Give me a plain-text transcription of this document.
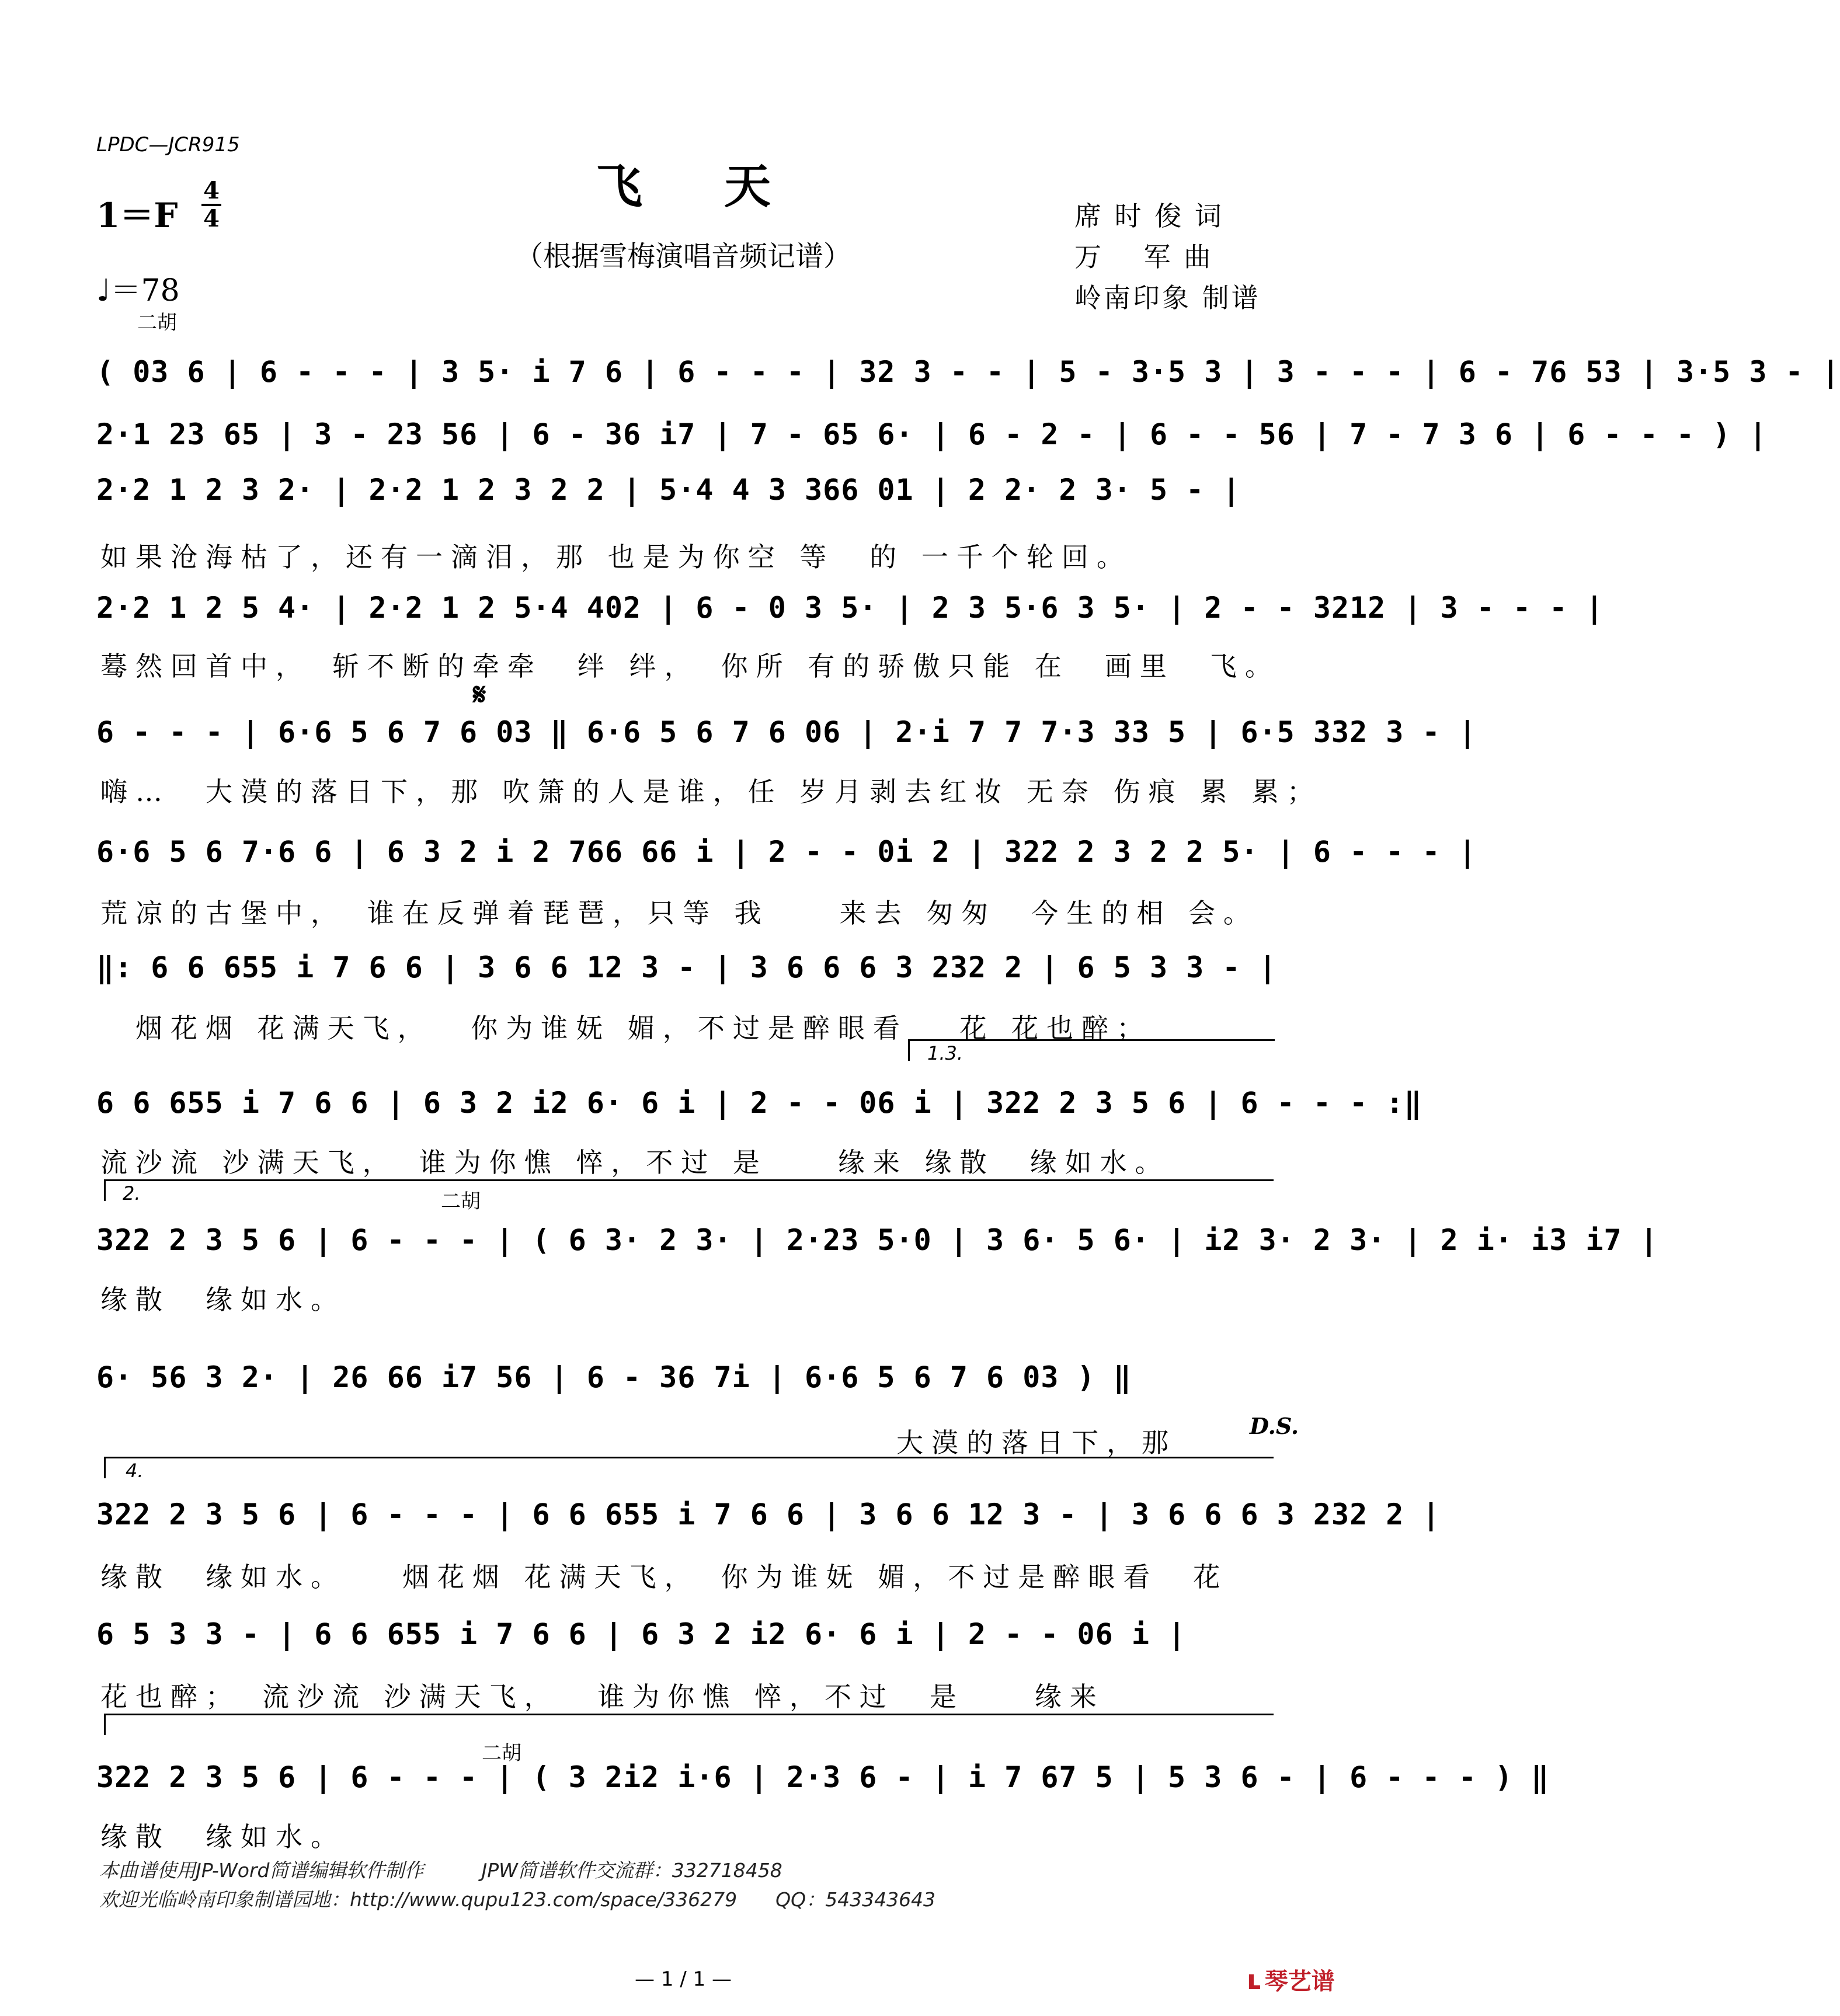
LPDC—JCR915
飞天
（根据雪梅演唱音频记谱）
1＝F
4
4
♩＝78
席 时 俊 词
万　 军 曲
岭南印象 制谱
二胡
二胡
二胡
( 03 6 | 6 - - - | 3 5· i 7 6 | 6 - - - | 32 3 - - | 5 - 3·5 3 | 3 - - - | 6 - 76 53 | 3·5 3 - |
2·1 23 65 | 3 - 23 56 | 6 - 36 i7 | 7 - 65 6· | 6 - 2 - | 6 - - 56 | 7 - 7 3 6 | 6 - - - ) |
2·2 1 2 3 2· | 2·2 1 2 3 2 2 | 5·4 4 3 366 01 | 2 2· 2 3· 5 - |
如果沧海枯了，还有一滴泪，那 也是为你空 等　的 一千个轮回。
2·2 1 2 5 4· | 2·2 1 2 5·4 402 | 6 - 0 3 5· | 2 3 5·6 3 5· | 2 - - 3212 | 3 - - - |
蓦然回首中，　斩不断的牵牵　绊 绊，　你所 有的骄傲只能 在　画里　飞。
𝄋
6 - - - | 6·6 5 6 7 6 03 ‖ 6·6 5 6 7 6 06 | 2·i 7 7 7·3 33 5 | 6·5 332 3 - |
嗨…　大漠的落日下，那 吹箫的人是谁，任 岁月剥去红妆 无奈 伤痕 累 累；
6·6 5 6 7·6 6 | 6 3 2 i 2 766 66 i | 2 - - 0i 2 | 322 2 3 2 2 5· | 6 - - - |
荒凉的古堡中，　谁在反弹着琵琶，只等 我　　来去 匆匆　今生的相 会。
‖: 6 6 655 i 7 6 6 | 3 6 6 12 3 - | 3 6 6 6 3 232 2 | 6 5 3 3 - |
　烟花烟 花满天飞，　 你为谁妩 媚，不过是醉眼看　 花 花也醉；
1.3.
6 6 655 i 7 6 6 | 6 3 2 i2 6· 6 i | 2 - - 06 i | 322 2 3 5 6 | 6 - - - :‖
流沙流 沙满天飞，　谁为你憔 悴，不过 是　　缘来 缘散　缘如水。
2.
322 2 3 5 6 | 6 - - - | ( 6 3· 2 3· | 2·23 5·0 | 3 6· 5 6· | i2 3· 2 3· | 2 i· i3 i7 |
缘散　缘如水。
6· 56 3 2· | 26 66 i7 56 | 6 - 36 7i | 6·6 5 6 7 6 03 ) ‖
大漠的落日下，那
D.S.
4.
322 2 3 5 6 | 6 - - - | 6 6 655 i 7 6 6 | 3 6 6 12 3 - | 3 6 6 6 3 232 2 |
缘散　缘如水。　　烟花烟 花满天飞，　你为谁妩 媚，不过是醉眼看　花
6 5 3 3 - | 6 6 655 i 7 6 6 | 6 3 2 i2 6· 6 i | 2 - - 06 i |
花也醉；　流沙流 沙满天飞，　 谁为你憔 悴，不过　是　　缘来
322 2 3 5 6 | 6 - - - | ( 3 2i2 i·6 | 2·3 6 - | i 7 67 5 | 5 3 6 - | 6 - - - ) ‖
缘散　缘如水。
本曲谱使用JP-Word简谱编辑软件制作　　　JPW简谱软件交流群：332718458
欢迎光临岭南印象制谱园地：http://www.qupu123.com/space/336279　　QQ：543343643
— 1 / 1 —	ʟ 琴艺谱
